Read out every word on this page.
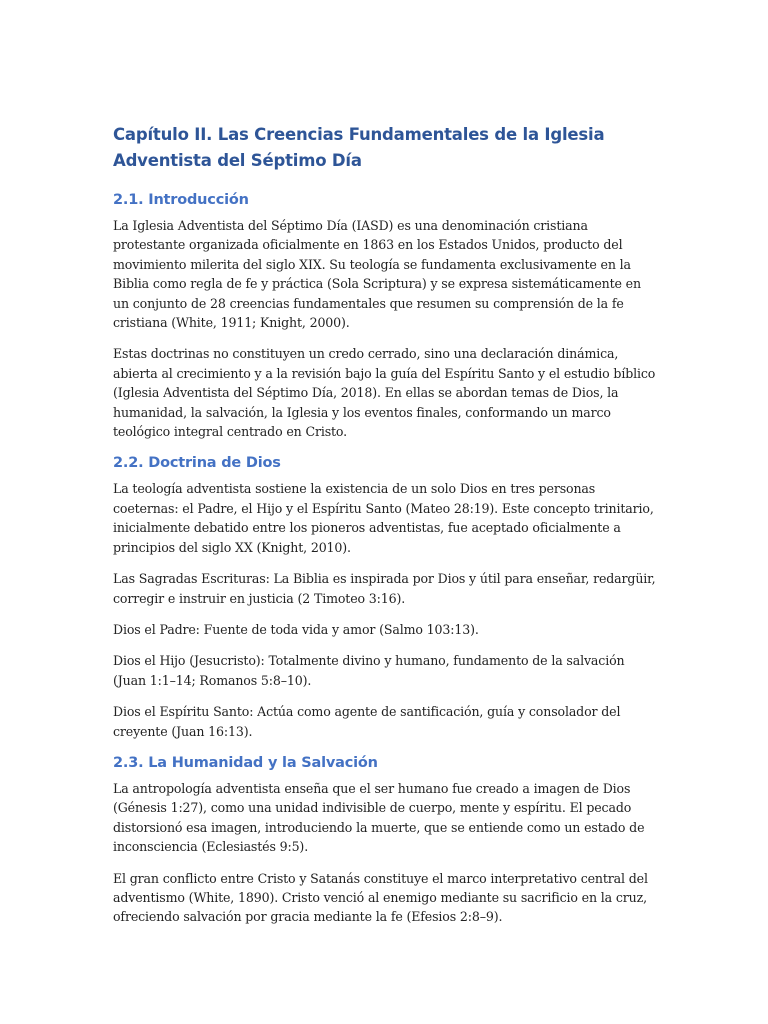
Capítulo II. Las Creencias Fundamentales de la Iglesia Adventista del Séptimo Día
2.1. Introducción

La Iglesia Adventista del Séptimo Día (IASD) es una denominación cristiana protestante organizada oficialmente en 1863 en los Estados Unidos, producto del movimiento milerita del siglo XIX. Su teología se fundamenta exclusivamente en la Biblia como regla de fe y práctica (Sola Scriptura) y se expresa sistemáticamente en un conjunto de 28 creencias fundamentales que resumen su comprensión de la fe cristiana (White, 1911; Knight, 2000).

Estas doctrinas no constituyen un credo cerrado, sino una declaración dinámica, abierta al crecimiento y a la revisión bajo la guía del Espíritu Santo y el estudio bíblico (Iglesia Adventista del Séptimo Día, 2018). En ellas se abordan temas de Dios, la humanidad, la salvación, la Iglesia y los eventos finales, conformando un marco teológico integral centrado en Cristo.

2.2. Doctrina de Dios

La teología adventista sostiene la existencia de un solo Dios en tres personas coeternas: el Padre, el Hijo y el Espíritu Santo (Mateo 28:19). Este concepto trinitario, inicialmente debatido entre los pioneros adventistas, fue aceptado oficialmente a principios del siglo XX (Knight, 2010).

Las Sagradas Escrituras: La Biblia es inspirada por Dios y útil para enseñar, redargüir, corregir e instruir en justicia (2 Timoteo 3:16).

Dios el Padre: Fuente de toda vida y amor (Salmo 103:13).

Dios el Hijo (Jesucristo): Totalmente divino y humano, fundamento de la salvación (Juan 1:1–14; Romanos 5:8–10).

Dios el Espíritu Santo: Actúa como agente de santificación, guía y consolador del creyente (Juan 16:13).

2.3. La Humanidad y la Salvación

La antropología adventista enseña que el ser humano fue creado a imagen de Dios (Génesis 1:27), como una unidad indivisible de cuerpo, mente y espíritu. El pecado distorsionó esa imagen, introduciendo la muerte, que se entiende como un estado de inconsciencia (Eclesiastés 9:5).

El gran conflicto entre Cristo y Satanás constituye el marco interpretativo central del adventismo (White, 1890). Cristo venció al enemigo mediante su sacrificio en la cruz, ofreciendo salvación por gracia mediante la fe (Efesios 2:8–9).
